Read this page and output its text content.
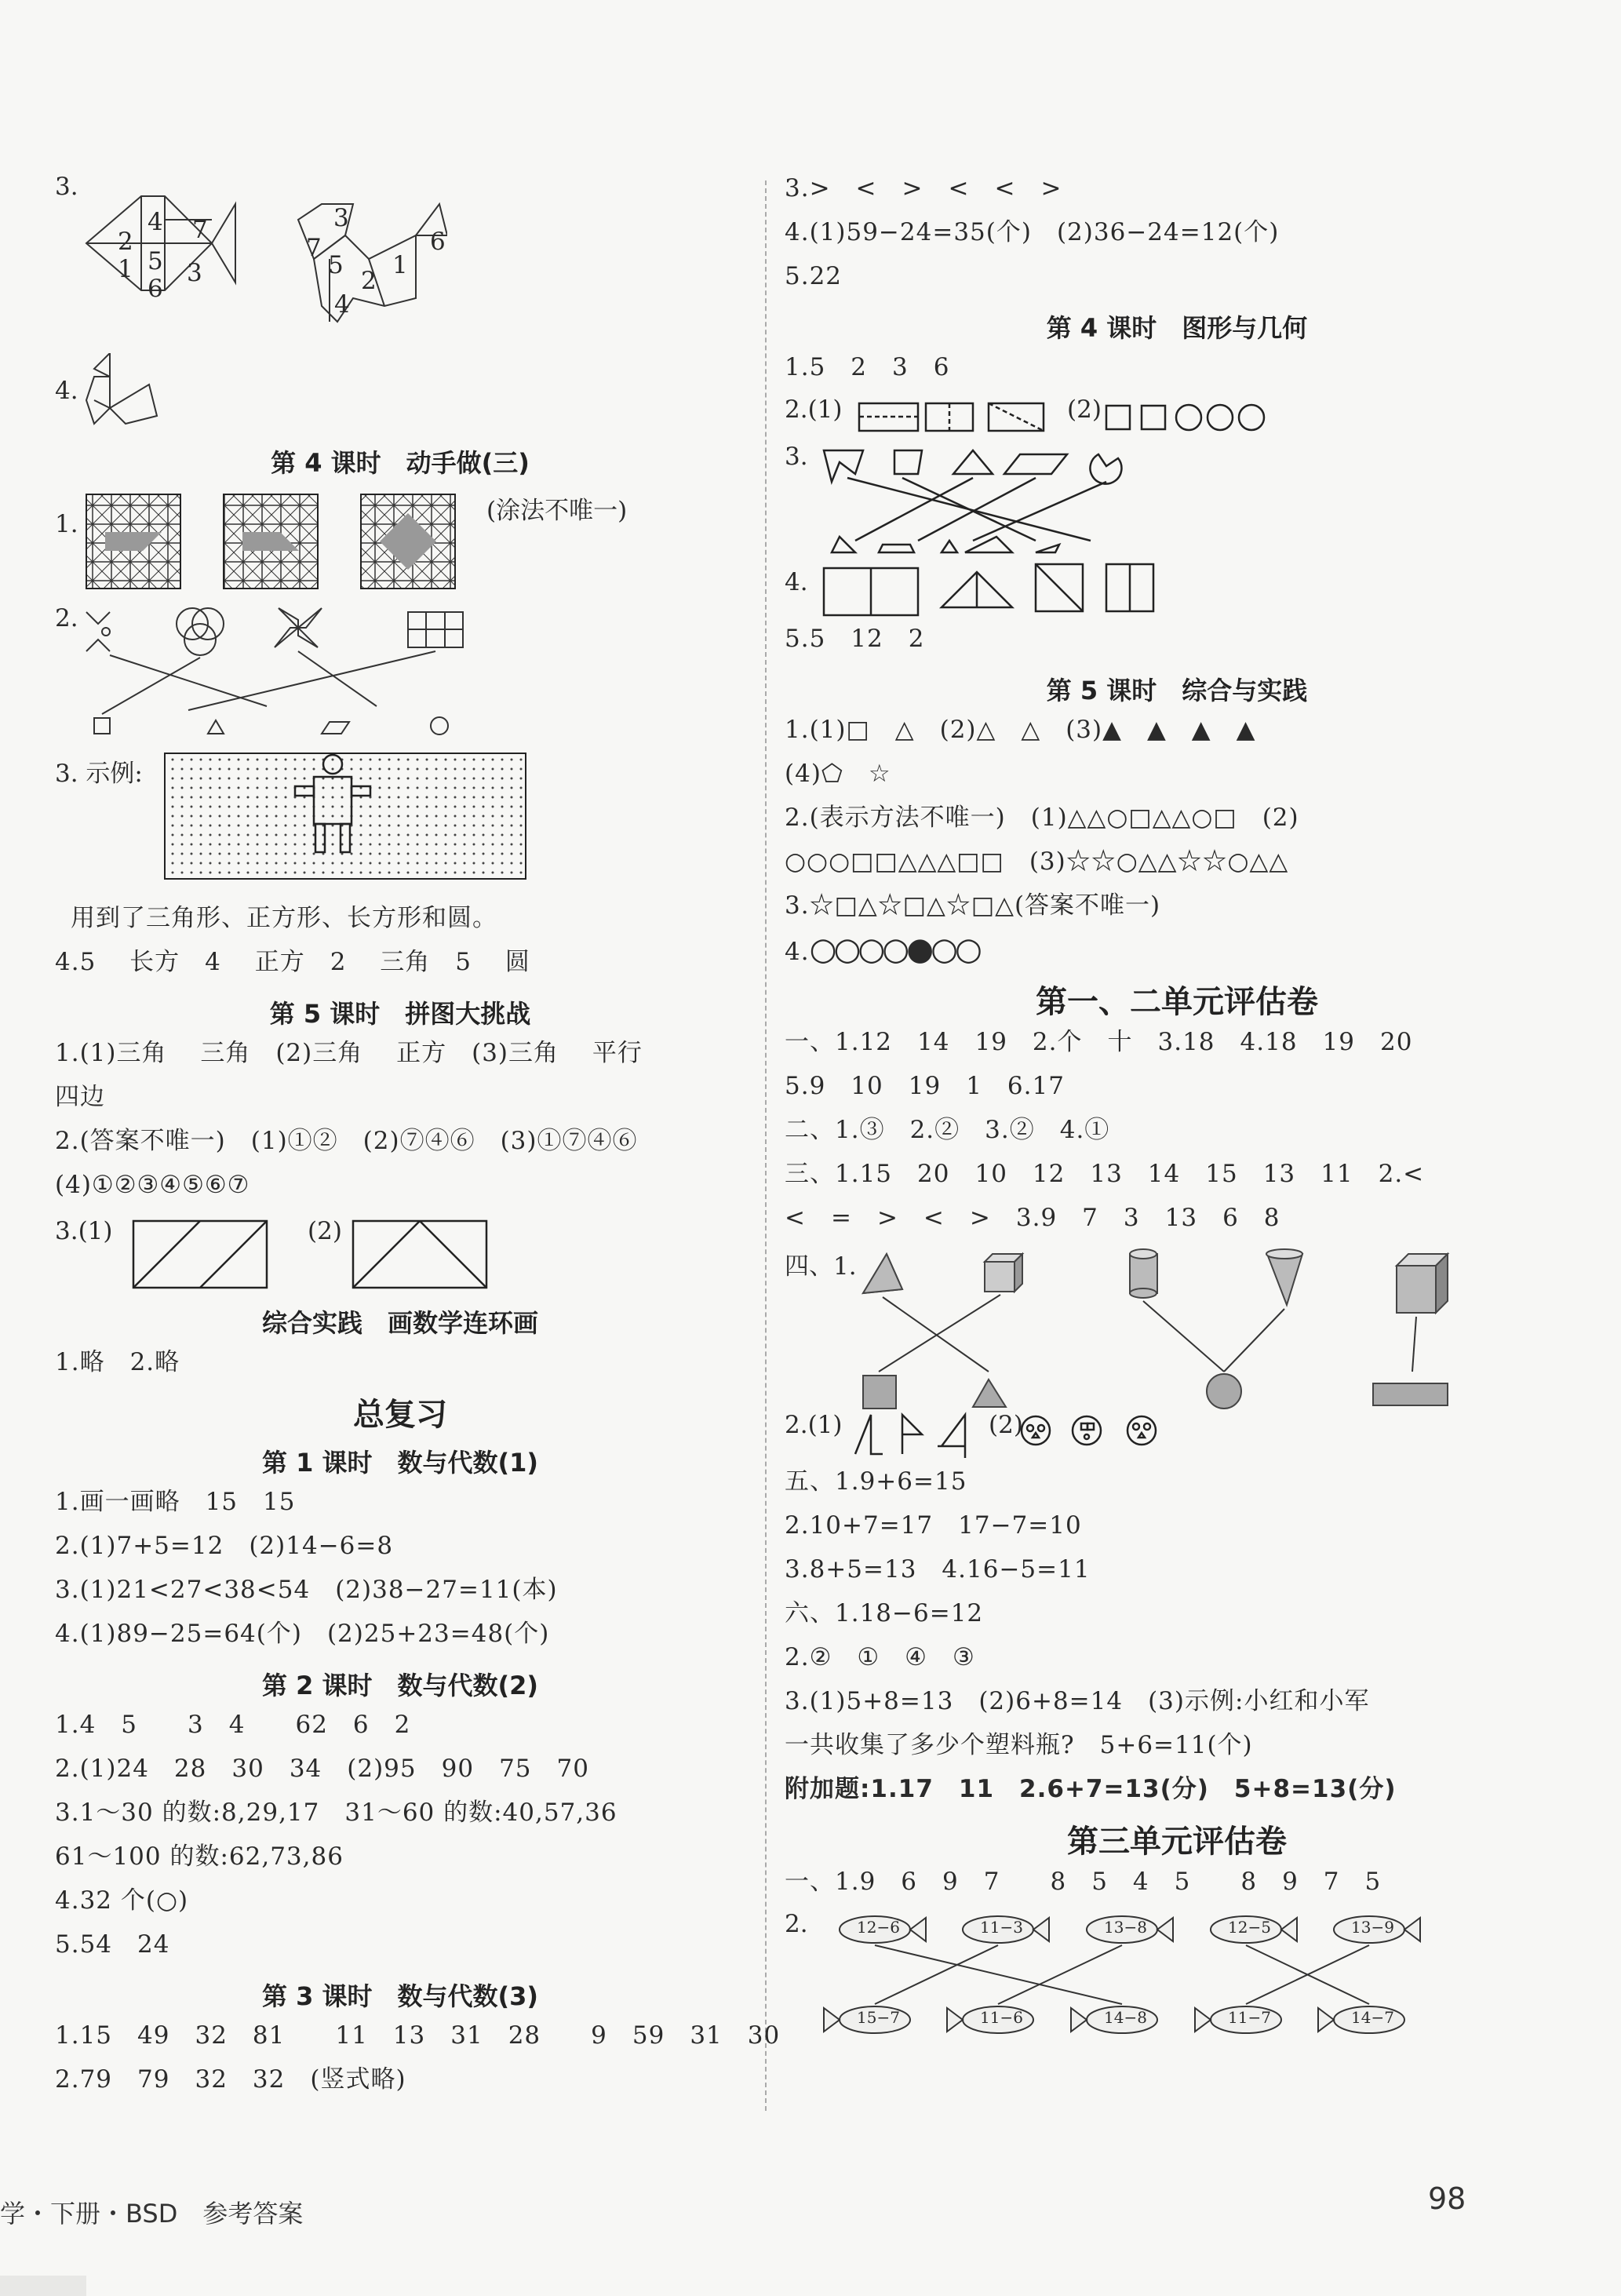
3.
2
4 7
1 5 3
6
3
7
5
2
1
6
4
4.
第 4 课时　动手做(三)
1.	(涂法不唯一)
2.
3. 示例:
用到了三角形、正方形、长方形和圆。
4.5　 长方　4　 正方　2　 三角　5　 圆
第 5 课时　拼图大挑战
1.(1)三角　 三角　(2)三角　 正方　(3)三角　 平行
四边
2.(答案不唯一)　(1)①②　(2)⑦④⑥　(3)①⑦④⑥
(4)①②③④⑤⑥⑦
3.(1)	(2)
综合实践　画数学连环画
1.略　2.略
总复习
第 1 课时　数与代数(1)
1.画一画略　15　15
2.(1)7+5=12　(2)14−6=8
3.(1)21<27<38<54　(2)38−27=11(本)
4.(1)89−25=64(个)　(2)25+23=48(个)
第 2 课时　数与代数(2)
1.4　5　　3　4　　62　6　2
2.(1)24　28　30　34　(2)95　90　75　70
3.1～30 的数:8,29,17　31～60 的数:40,57,36
61～100 的数:62,73,86
4.32 个(○)
5.54　24
第 3 课时　数与代数(3)
1.15　49　32　81　　11　13　31　28　　9　59　31　30
2.79　79　32　32　(竖式略)
3.>　<　>　<　<　>
4.(1)59−24=35(个)　(2)36−24=12(个)
5.22
第 4 课时　图形与几何
1.5　2　3　6
2.(1)	(2)
3.
4.
5.5　12　2
第 5 课时　综合与实践
1.(1)□　△　(2)△　△　(3)▲　▲　▲　▲
(4)⬠　☆
2.(表示方法不唯一)　(1)△△○□△△○□　(2)
○○○□□△△△□□　(3)☆☆○△△☆☆○△△
3.☆□△☆□△☆□△(答案不唯一)
4.○○○○●○○
第一、二单元评估卷
一、1.12　14　19　2.个　十　3.18　4.18　19　20
5.9　10　19　1　6.17
二、1.③　2.②　3.②　4.①
三、1.15　20　10　12　13　14　15　13　11　2.<
<　=　>　<　>　3.9　7　3　13　6　8
四、1.
2.(1)	(2)
五、1.9+6=15
2.10+7=17　17−7=10
3.8+5=13　4.16−5=11
六、1.18−6=12
2.②　①　④　③
3.(1)5+8=13　(2)6+8=14　(3)示例:小红和小军
一共收集了多少个塑料瓶?　5+6=11(个)
附加题:1.17　11　2.6+7=13(分)　5+8=13(分)
第三单元评估卷
一、1.9　6　9　7　　8　5　4　5　　8　9　7　5
2.	12−6	11−3	13−8	12−5	13−9
15−7	11−6	14−8	11−7	14−7
学・下册・BSD　参考答案	98
